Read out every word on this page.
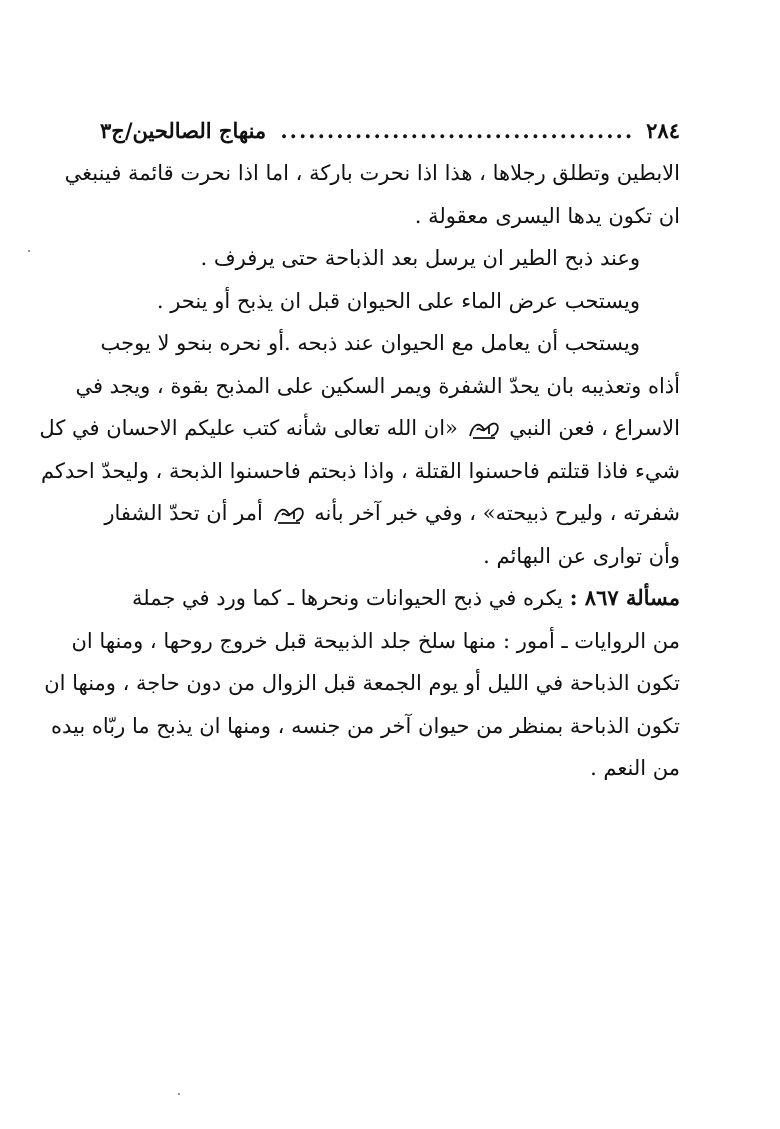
٢٨٤
......................................
منهاج الصالحين/ج٣
الابطين وتطلق رجلاها ، هذا اذا نحرت باركة ، اما اذا نحرت قائمة فينبغي
ان تكون يدها اليسرى معقولة .
وعند ذبح الطير ان يرسل بعد الذباحة حتى يرفرف .
ويستحب عرض الماء على الحيوان قبل ان يذبح أو ينحر .
ويستحب أن يعامل مع الحيوان عند ذبحه .أو نحره بنحو لا يوجب
أذاه وتعذيبه بان يحدّ الشفرة ويمر السكين على المذبح بقوة ، ويجد في
الاسراع ، فعن النبي
«ان الله تعالى شأنه كتب عليكم الاحسان في كل
شيء فاذا قتلتم فاحسنوا القتلة ، واذا ذبحتم فاحسنوا الذبحة ، وليحدّ احدكم
شفرته ، وليرح ذبيحته» ، وفي خبر آخر بأنه
أمر أن تحدّ الشفار
وأن توارى عن البهائم .
مسألة ٨٦٧ : يكره في ذبح الحيوانات ونحرها ـ كما ورد في جملة
من الروايات ـ أمور : منها سلخ جلد الذبيحة قبل خروج روحها ، ومنها ان
تكون الذباحة في الليل أو يوم الجمعة قبل الزوال من دون حاجة ، ومنها ان
تكون الذباحة بمنظر من حيوان آخر من جنسه ، ومنها ان يذبح ما ربّاه بيده
من النعم .
